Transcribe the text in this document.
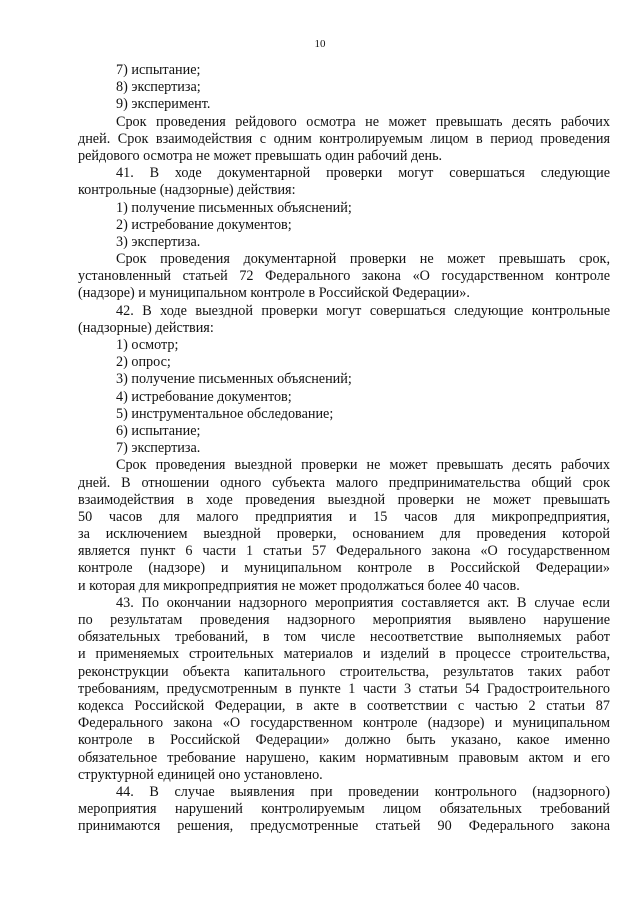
10
7) испытание;
8) экспертиза;
9) эксперимент.
Срок проведения рейдового осмотра не может превышать десять рабочих
дней. Срок взаимодействия с одним контролируемым лицом в период проведения
рейдового осмотра не может превышать один рабочий день.
41. В ходе документарной проверки могут совершаться следующие
контрольные (надзорные) действия:
1) получение письменных объяснений;
2) истребование документов;
3) экспертиза.
Срок проведения документарной проверки не может превышать срок,
установленный статьей 72 Федерального закона «О государственном контроле
(надзоре) и муниципальном контроле в Российской Федерации».
42. В ходе выездной проверки могут совершаться следующие контрольные
(надзорные) действия:
1) осмотр;
2) опрос;
3) получение письменных объяснений;
4) истребование документов;
5) инструментальное обследование;
6) испытание;
7) экспертиза.
Срок проведения выездной проверки не может превышать десять рабочих
дней. В отношении одного субъекта малого предпринимательства общий срок
взаимодействия в ходе проведения выездной проверки не может превышать
50 часов для малого предприятия и 15 часов для микропредприятия,
за исключением выездной проверки, основанием для проведения которой
является пункт 6 части 1 статьи 57 Федерального закона «О государственном
контроле (надзоре) и муниципальном контроле в Российской Федерации»
и которая для микропредприятия не может продолжаться более 40 часов.
43. По окончании надзорного мероприятия составляется акт. В случае если
по результатам проведения надзорного мероприятия выявлено нарушение
обязательных требований, в том числе несоответствие выполняемых работ
и применяемых строительных материалов и изделий в процессе строительства,
реконструкции объекта капитального строительства, результатов таких работ
требованиям, предусмотренным в пункте 1 части 3 статьи 54 Градостроительного
кодекса Российской Федерации, в акте в соответствии с частью 2 статьи 87
Федерального закона «О государственном контроле (надзоре) и муниципальном
контроле в Российской Федерации» должно быть указано, какое именно
обязательное требование нарушено, каким нормативным правовым актом и его
структурной единицей оно установлено.
44. В случае выявления при проведении контрольного (надзорного)
мероприятия нарушений контролируемым лицом обязательных требований
принимаются решения, предусмотренные статьей 90 Федерального закона
